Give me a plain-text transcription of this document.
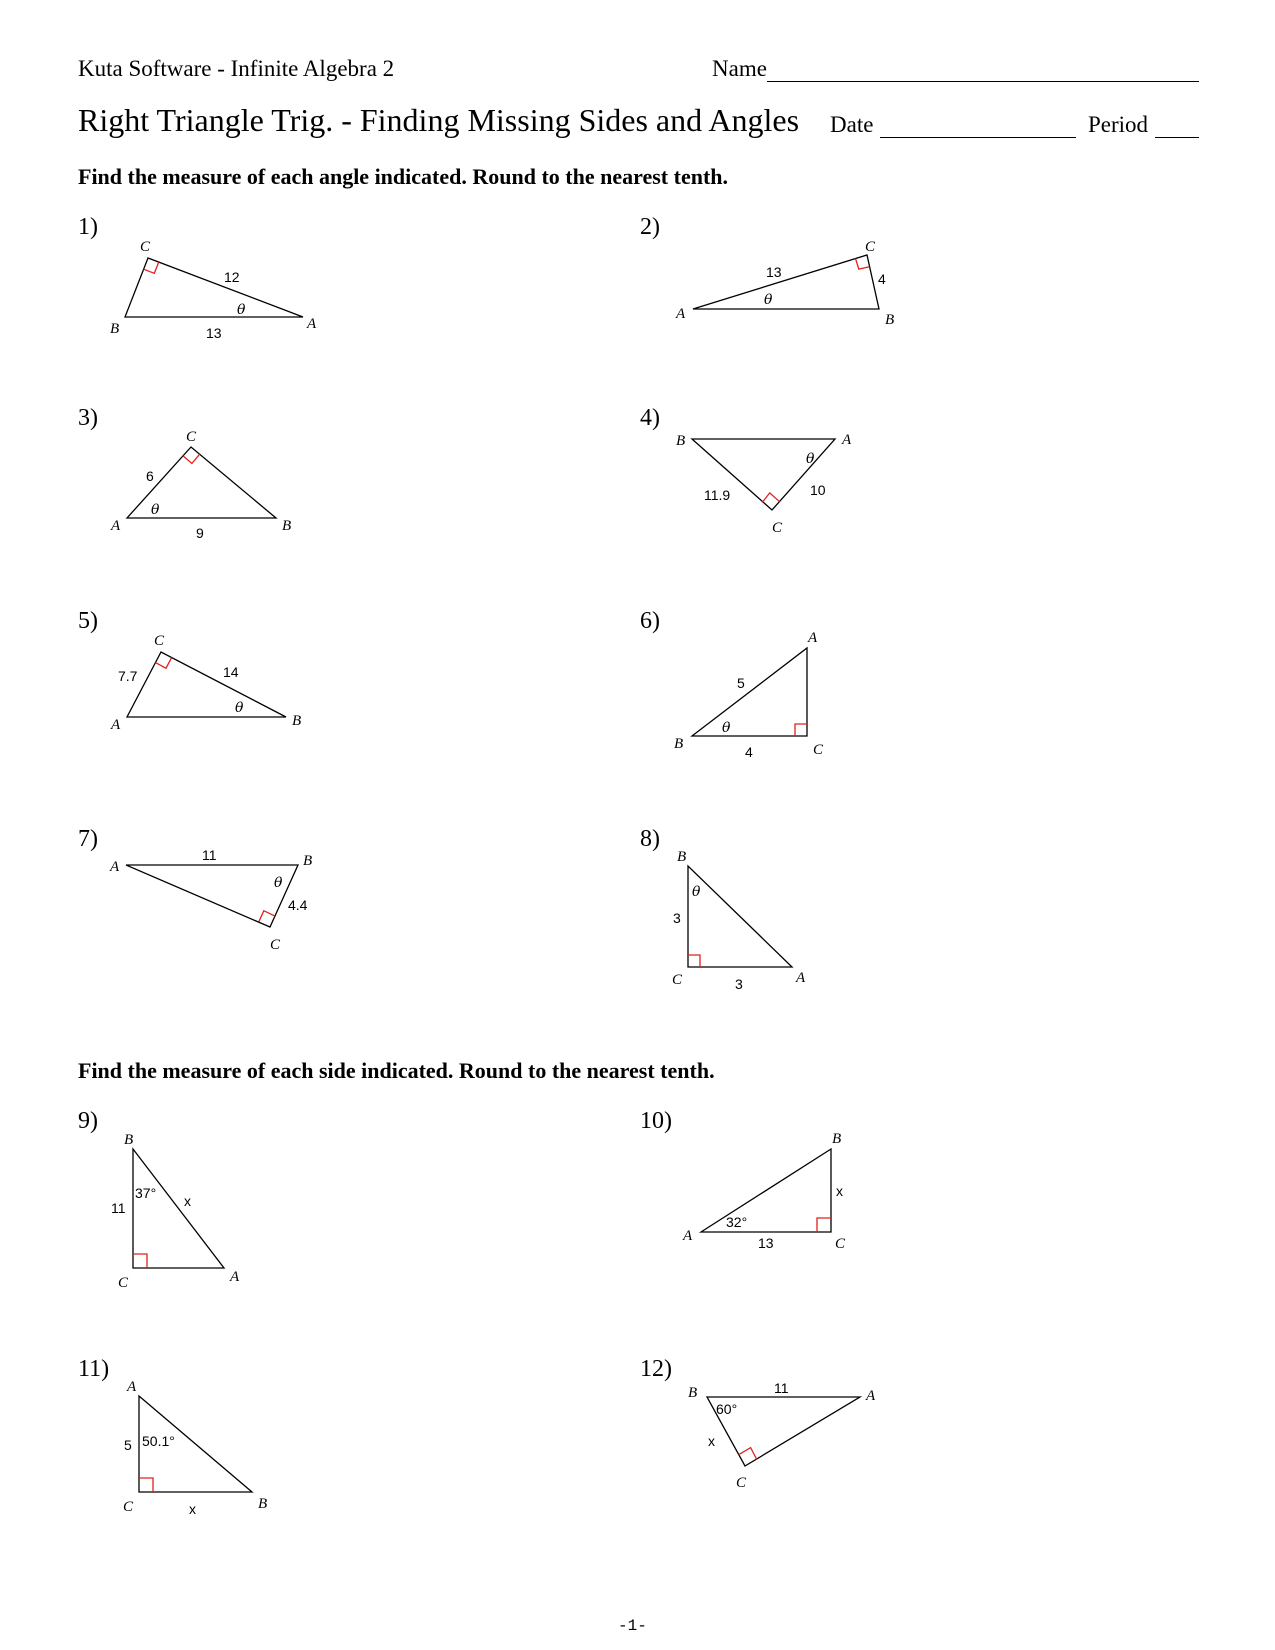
Kuta Software - Infinite Algebra 2	Name
Right Triangle Trig. - Finding Missing Sides and Angles Date	Period
Find the measure of each angle indicated. Round to the nearest tenth.
Find the measure of each side indicated. Round to the nearest tenth.
1)	2)
3)	4)
5)	6)
7)	8)
9)	10)
11)	12)
C
B	A
12
13
θ
C
A	B
13	4
θ
C
A	B
6
9
θ
B	A
C
11.9	10
θ
C
A	B
7.7	14
θ
A
B	C
5
4
θ
A	B
C
11
4.4
θ
B
C	A
3
3
θ
B
C	A
11	x
37°
B
A	C
13
x
32°
A
C	B
5
x
50.1°
B	A
C
11
x
60°
-1-
